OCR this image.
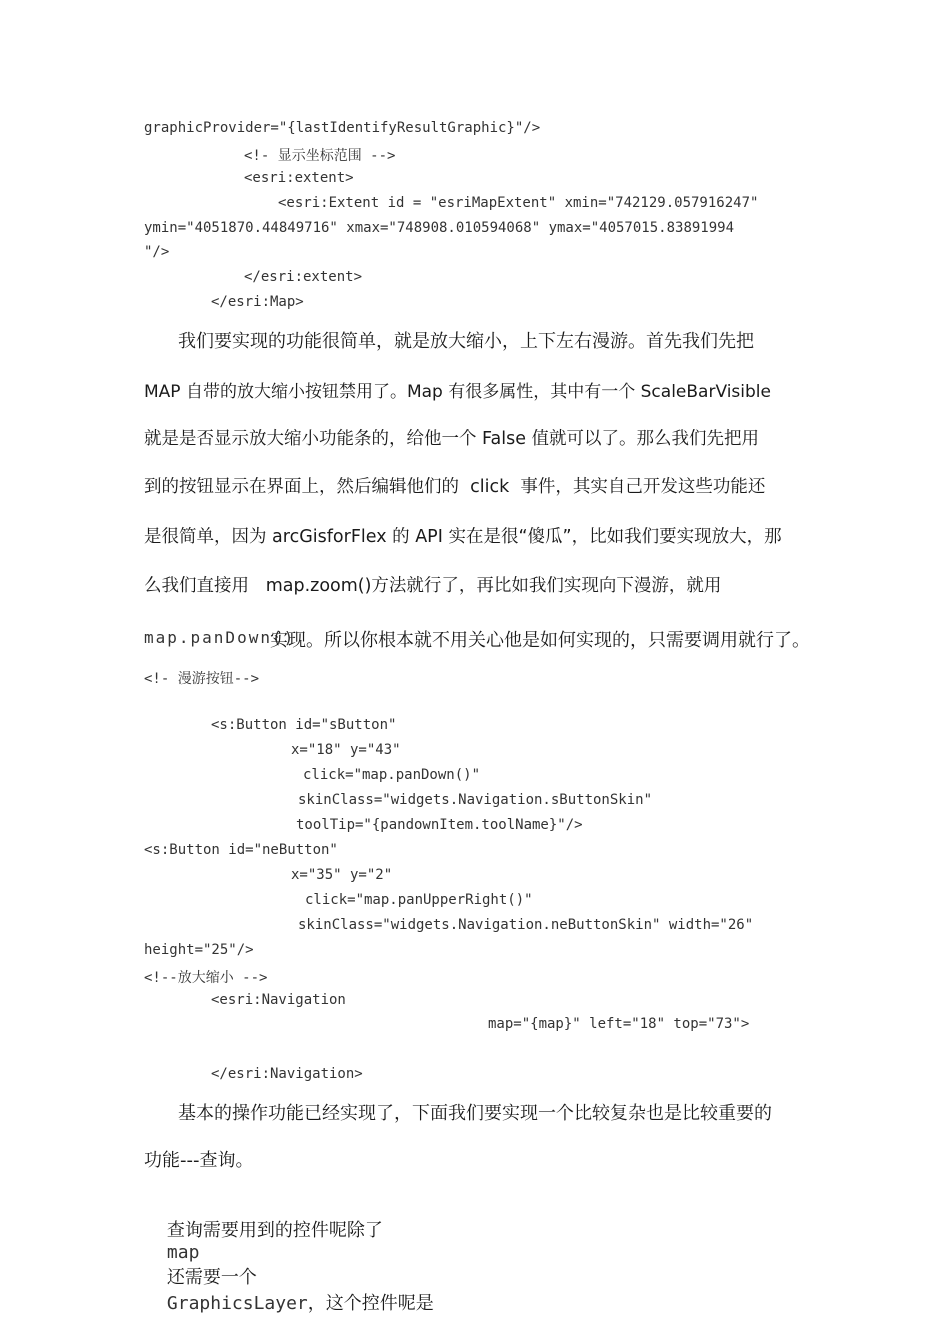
graphicProvider="{lastIdentifyResultGraphic}"/>
<!- 显示坐标范围 -->
<esri:extent>
<esri:Extent id = "esriMapExtent" xmin="742129.057916247"
ymin="4051870.44849716" xmax="748908.010594068" ymax="4057015.83891994
"/>
</esri:extent>
</esri:Map>
我们要实现的功能很简单，就是放大缩小，上下左右漫游。首先我们先把
MAP 自带的放大缩小按钮禁用了。Map 有很多属性，其中有一个 ScaleBarVisible
就是是否显示放大缩小功能条的，给他一个 False 值就可以了。那么我们先把用
到的按钮显示在界面上，然后编辑他们的  click  事件，其实自己开发这些功能还
是很简单，因为 arcGisforFlex 的 API 实在是很“傻瓜”，比如我们要实现放大，那
么我们直接用   map.zoom()方法就行了，再比如我们实现向下漫游，就用
map.panDown()
实现。所以你根本就不用关心他是如何实现的，只需要调用就行了。
<!- 漫游按钮-->
<s:Button id="sButton"
x="18" y="43"
click="map.panDown()"
skinClass="widgets.Navigation.sButtonSkin"
toolTip="{pandownItem.toolName}"/>
<s:Button id="neButton"
x="35" y="2"
click="map.panUpperRight()"
skinClass="widgets.Navigation.neButtonSkin" width="26"
height="25"/>
<!--放大缩小 -->
<esri:Navigation
map="{map}" left="18" top="73">
</esri:Navigation>
基本的操作功能已经实现了，下面我们要实现一个比较复杂也是比较重要的
功能---查询。

查询需要用到的控件呢除了
map
还需要一个
GraphicsLayer，这个控件呢是
